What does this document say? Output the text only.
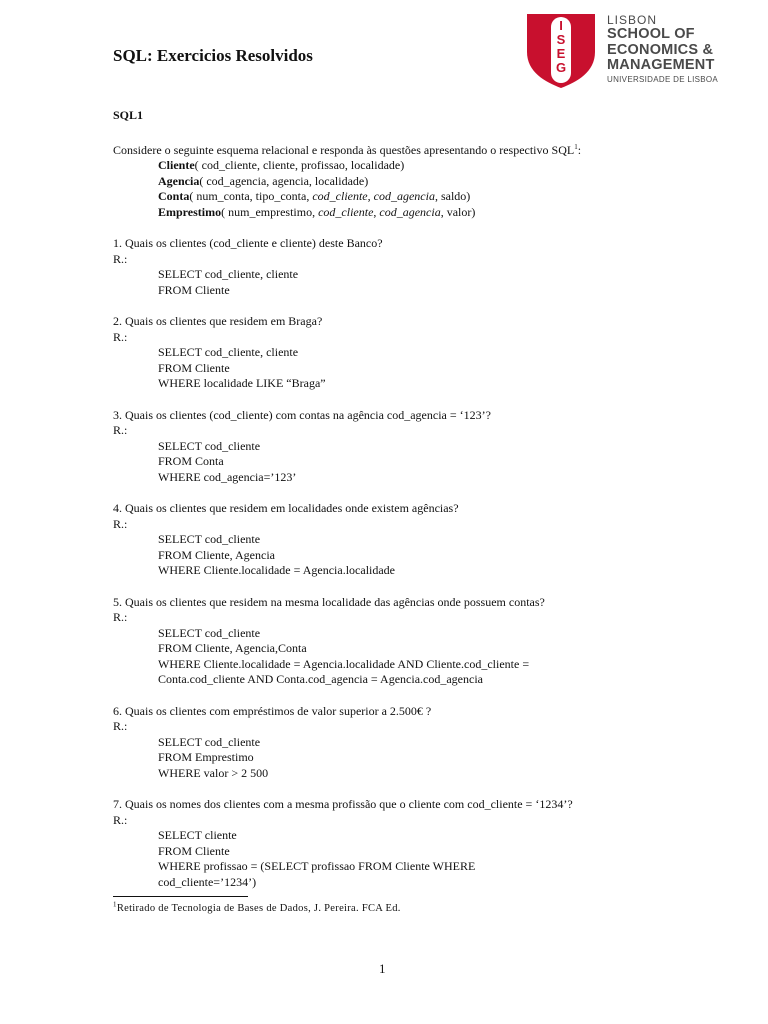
SQL: Exercicios Resolvidos
I S E G
LISBON
SCHOOL OF
ECONOMICS &
MANAGEMENT
UNIVERSIDADE DE LISBOA

SQL1

Considere o seguinte esquema relacional e responda às questões apresentando o respectivo SQL$^1$:

Cliente( cod_cliente, cliente, profissao, localidade)

Agencia( cod_agencia, agencia, localidade)

Conta( num_conta, tipo_conta, cod_cliente, cod_agencia, saldo)

Emprestimo( num_emprestimo, cod_cliente, cod_agencia, valor)

1. Quais os clientes (cod_cliente e cliente) deste Banco?

R.:

SELECT cod_cliente, cliente

FROM Cliente

2. Quais os clientes que residem em Braga?

R.:

SELECT cod_cliente, cliente

FROM Cliente

WHERE localidade LIKE “Braga”

3. Quais os clientes (cod_cliente) com contas na agência cod_agencia = ‘123’?

R.:

SELECT cod_cliente

FROM Conta

WHERE cod_agencia=’123’

4. Quais os clientes que residem em localidades onde existem agências?

R.:

SELECT cod_cliente

FROM Cliente, Agencia

WHERE Cliente.localidade = Agencia.localidade

5. Quais os clientes que residem na mesma localidade das agências onde possuem contas?

R.:

SELECT cod_cliente

FROM Cliente, Agencia,Conta

WHERE Cliente.localidade = Agencia.localidade AND Cliente.cod_cliente =

Conta.cod_cliente AND Conta.cod_agencia = Agencia.cod_agencia

6. Quais os clientes com empréstimos de valor superior a 2.500€ ?

R.:

SELECT cod_cliente

FROM Emprestimo

WHERE valor > 2 500

7. Quais os nomes dos clientes com a mesma profissão que o cliente com cod_cliente = ‘1234’?

R.:

SELECT cliente

FROM Cliente

WHERE profissao = (SELECT profissao FROM Cliente WHERE

cod_cliente=’1234’)

$^1$Retirado de Tecnologia de Bases de Dados, J. Pereira. FCA Ed.
1
